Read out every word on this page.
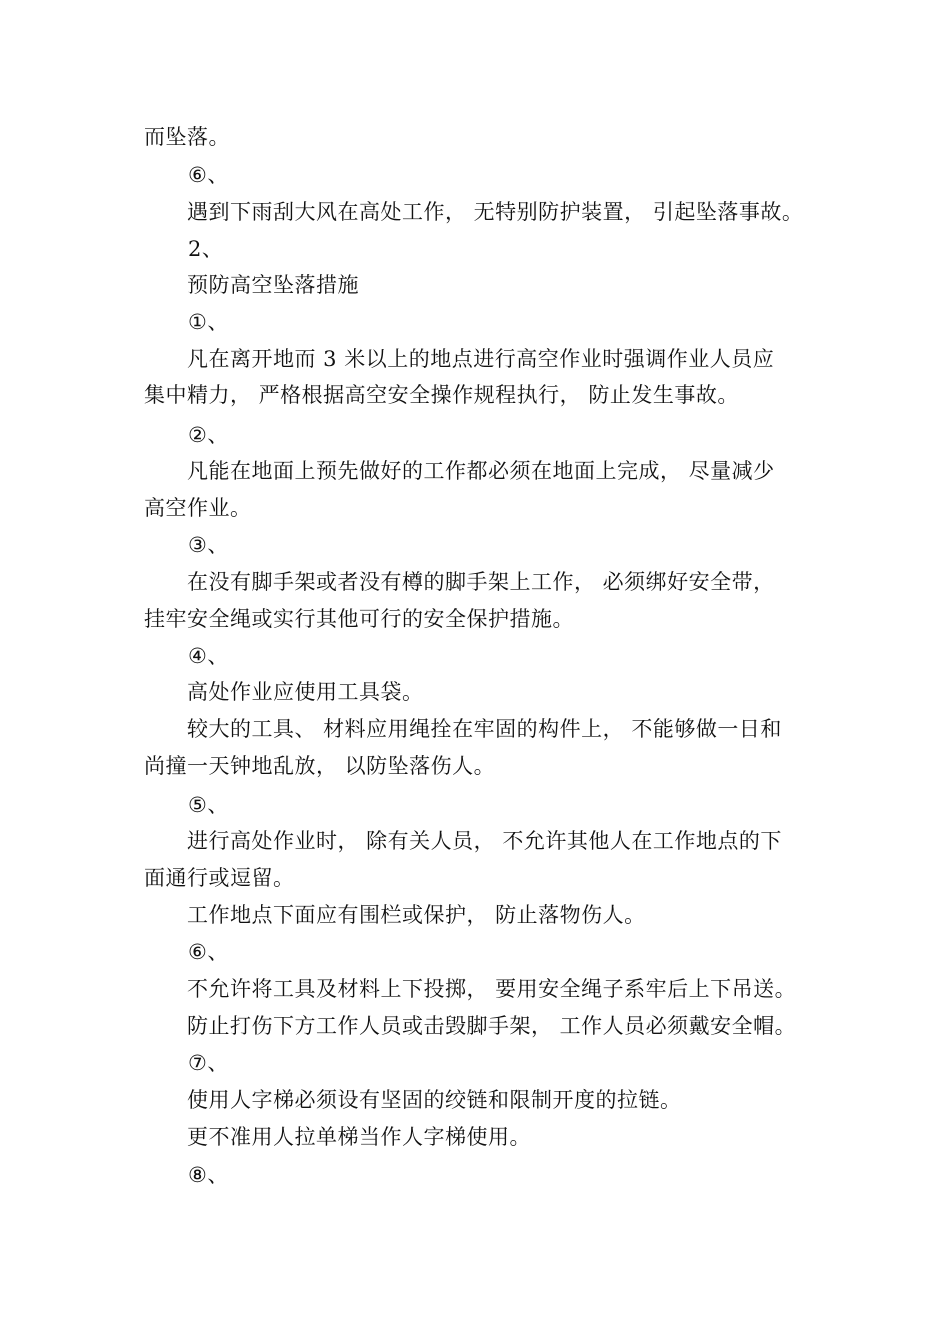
而坠落。
⑥、
遇到下雨刮大风在高处工作， 无特别防护装置， 引起坠落事故。
2、
预防高空坠落措施
①、
凡在离开地而 3 米以上的地点进行高空作业时强调作业人员应
集中精力， 严格根据高空安全操作规程执行， 防止发生事故。
②、
凡能在地面上预先做好的工作都必须在地面上完成， 尽量减少
高空作业。
③、
在没有脚手架或者没有樽的脚手架上工作， 必须绑好安全带，
挂牢安全绳或实行其他可行的安全保护措施。
④、
高处作业应使用工具袋。
较大的工具、 材料应用绳拴在牢固的构件上， 不能够做一日和
尚撞一天钟地乱放， 以防坠落伤人。
⑤、
进行高处作业时， 除有关人员， 不允许其他人在工作地点的下
面通行或逗留。
工作地点下面应有围栏或保护， 防止落物伤人。
⑥、
不允许将工具及材料上下投掷， 要用安全绳子系牢后上下吊送。
防止打伤下方工作人员或击毁脚手架， 工作人员必须戴安全帽。
⑦、
使用人字梯必须设有坚固的绞链和限制开度的拉链。
更不准用人拉单梯当作人字梯使用。
⑧、
